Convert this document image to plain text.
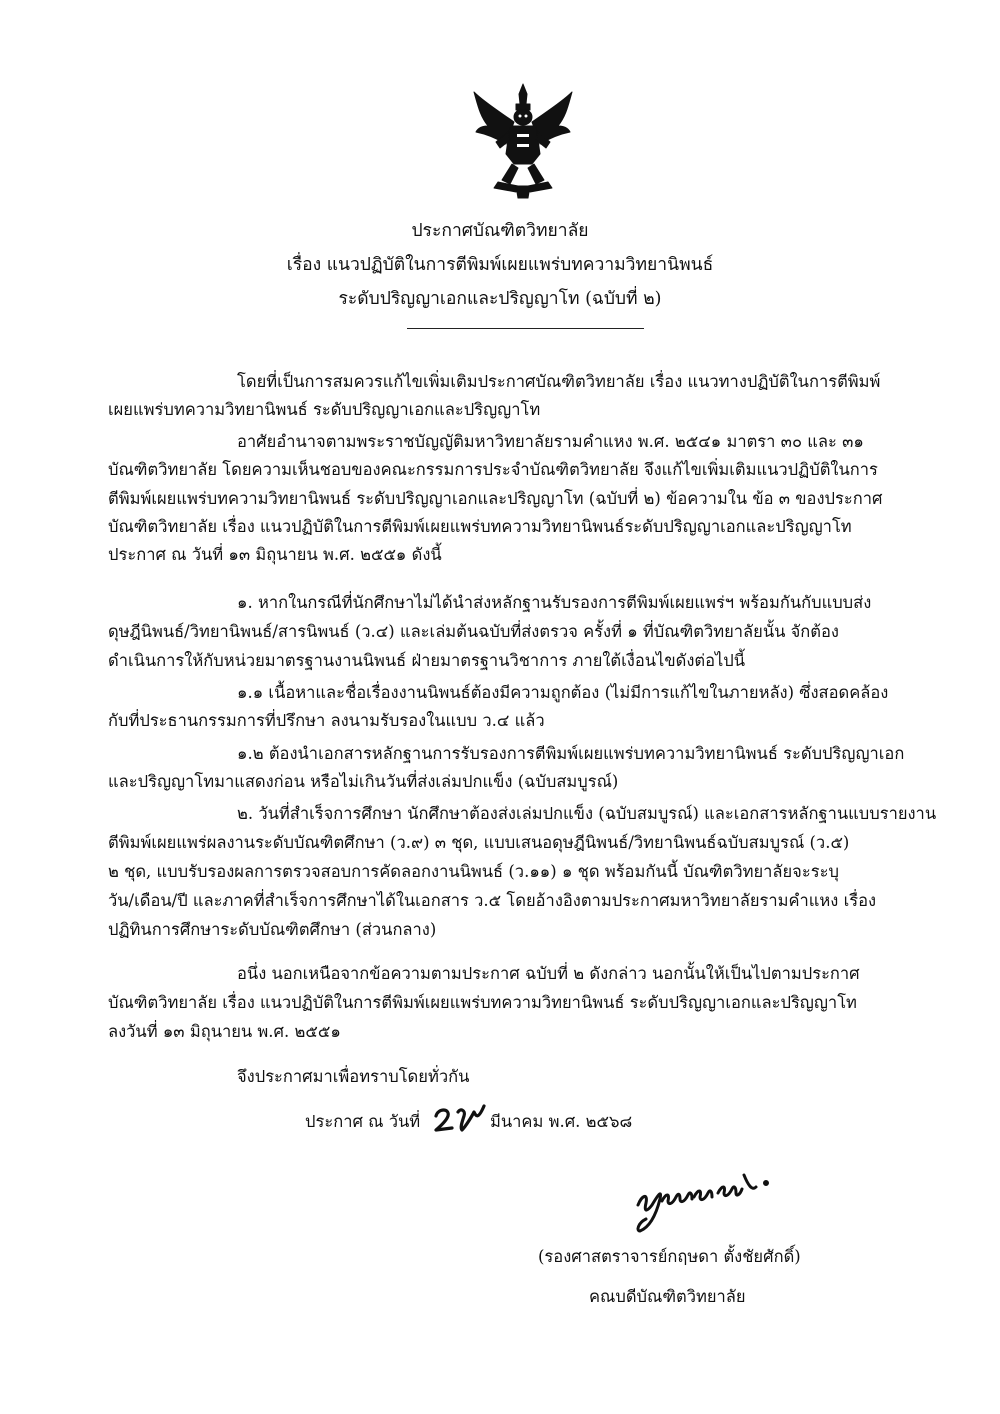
ประกาศบัณฑิตวิทยาลัย
เรื่อง แนวปฏิบัติในการตีพิมพ์เผยแพร่บทความวิทยานิพนธ์
ระดับปริญญาเอกและปริญญาโท (ฉบับที่ ๒)
โดยที่เป็นการสมควรแก้ไขเพิ่มเติมประกาศบัณฑิตวิทยาลัย เรื่อง แนวทางปฏิบัติในการตีพิมพ์
เผยแพร่บทความวิทยานิพนธ์ ระดับปริญญาเอกและปริญญาโท
อาศัยอำนาจตามพระราชบัญญัติมหาวิทยาลัยรามคำแหง พ.ศ. ๒๕๔๑ มาตรา ๓๐ และ ๓๑
บัณฑิตวิทยาลัย โดยความเห็นชอบของคณะกรรมการประจำบัณฑิตวิทยาลัย จึงแก้ไขเพิ่มเติมแนวปฏิบัติในการ
ตีพิมพ์เผยแพร่บทความวิทยานิพนธ์ ระดับปริญญาเอกและปริญญาโท (ฉบับที่ ๒) ข้อความใน ข้อ ๓ ของประกาศ
บัณฑิตวิทยาลัย เรื่อง แนวปฏิบัติในการตีพิมพ์เผยแพร่บทความวิทยานิพนธ์ระดับปริญญาเอกและปริญญาโท
ประกาศ ณ วันที่ ๑๓ มิถุนายน พ.ศ. ๒๕๕๑ ดังนี้
๑. หากในกรณีที่นักศึกษาไม่ได้นำส่งหลักฐานรับรองการตีพิมพ์เผยแพร่ฯ พร้อมกันกับแบบส่ง
ดุษฎีนิพนธ์/วิทยานิพนธ์/สารนิพนธ์ (ว.๔) และเล่มต้นฉบับที่ส่งตรวจ ครั้งที่ ๑ ที่บัณฑิตวิทยาลัยนั้น จักต้อง
ดำเนินการให้กับหน่วยมาตรฐานงานนิพนธ์ ฝ่ายมาตรฐานวิชาการ ภายใต้เงื่อนไขดังต่อไปนี้
๑.๑ เนื้อหาและชื่อเรื่องงานนิพนธ์ต้องมีความถูกต้อง (ไม่มีการแก้ไขในภายหลัง) ซึ่งสอดคล้อง
กับที่ประธานกรรมการที่ปรึกษา ลงนามรับรองในแบบ ว.๔ แล้ว
๑.๒ ต้องนำเอกสารหลักฐานการรับรองการตีพิมพ์เผยแพร่บทความวิทยานิพนธ์ ระดับปริญญาเอก
และปริญญาโทมาแสดงก่อน หรือไม่เกินวันที่ส่งเล่มปกแข็ง (ฉบับสมบูรณ์)
๒. วันที่สำเร็จการศึกษา นักศึกษาต้องส่งเล่มปกแข็ง (ฉบับสมบูรณ์) และเอกสารหลักฐานแบบรายงาน
ตีพิมพ์เผยแพร่ผลงานระดับบัณฑิตศึกษา (ว.๙) ๓ ชุด, แบบเสนอดุษฎีนิพนธ์/วิทยานิพนธ์ฉบับสมบูรณ์ (ว.๕)
๒ ชุด, แบบรับรองผลการตรวจสอบการคัดลอกงานนิพนธ์ (ว.๑๑) ๑ ชุด พร้อมกันนี้ บัณฑิตวิทยาลัยจะระบุ
วัน/เดือน/ปี และภาคที่สำเร็จการศึกษาได้ในเอกสาร ว.๕ โดยอ้างอิงตามประกาศมหาวิทยาลัยรามคำแหง เรื่อง
ปฏิทินการศึกษาระดับบัณฑิตศึกษา (ส่วนกลาง)
อนึ่ง นอกเหนือจากข้อความตามประกาศ ฉบับที่ ๒ ดังกล่าว นอกนั้นให้เป็นไปตามประกาศ
บัณฑิตวิทยาลัย เรื่อง แนวปฏิบัติในการตีพิมพ์เผยแพร่บทความวิทยานิพนธ์ ระดับปริญญาเอกและปริญญาโท
ลงวันที่ ๑๓ มิถุนายน พ.ศ. ๒๕๕๑
จึงประกาศมาเพื่อทราบโดยทั่วกัน
ประกาศ ณ วันที่	มีนาคม พ.ศ. ๒๕๖๘
(รองศาสตราจารย์กฤษดา ตั้งชัยศักดิ์)
คณบดีบัณฑิตวิทยาลัย
